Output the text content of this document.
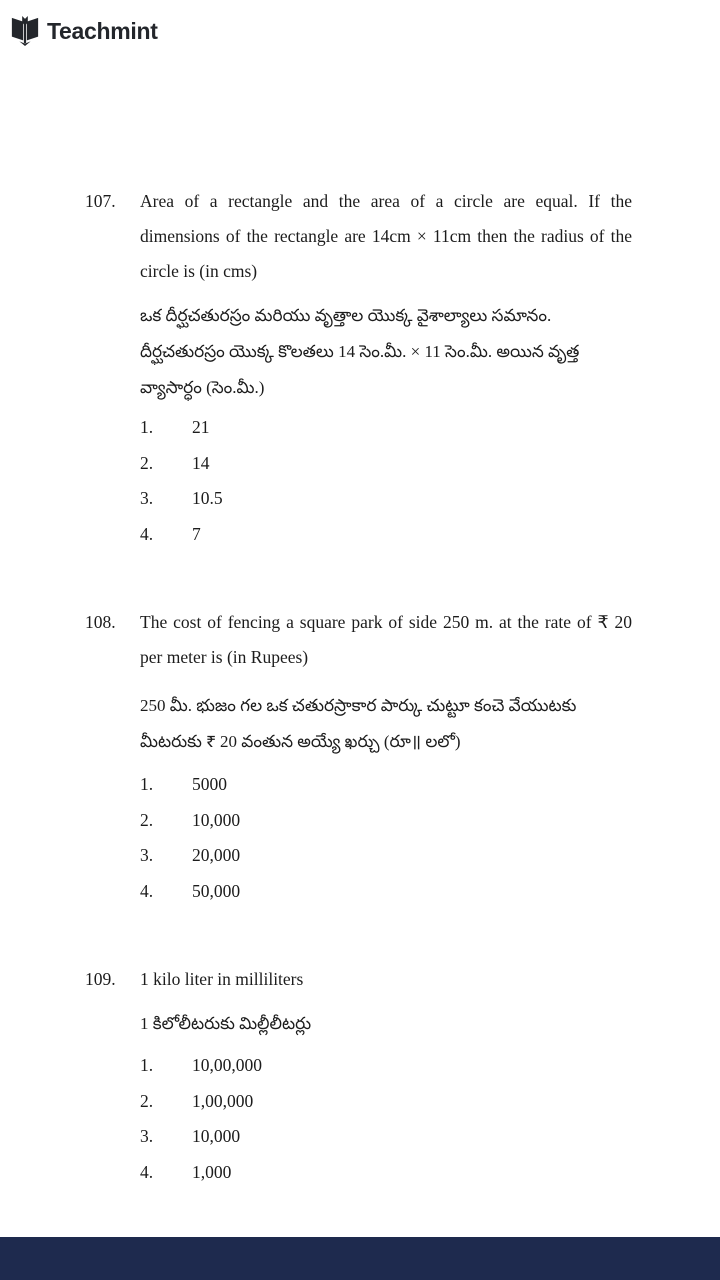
Teachmint
107.	Area of a rectangle and the area of a circle are equal. If the dimensions of the rectangle are 14cm × 11cm then the radius of the circle is (in cms)
ఒక దీర్ఘచతురస్రం మరియు వృత్తాల యొక్క వైశాల్యాలు సమానం. దీర్ఘచతురస్రం యొక్క కొలతలు 14 సెం.మీ. × 11 సెం.మీ. అయిన వృత్త వ్యాసార్ధం (సెం.మీ.)
1.	21
2.	14
3.	10.5
4.	7
108.	The cost of fencing a square park of side 250 m. at the rate of ₹ 20 per meter is (in Rupees)
250 మీ. భుజం గల ఒక చతురస్రాకార పార్కు చుట్టూ కంచె వేయుటకు మీటరుకు ₹ 20 వంతున అయ్యే ఖర్చు (రూ॥ లలో)
1.	5000
2.	10,000
3.	20,000
4.	50,000
109.	1 kilo liter in milliliters
1 కిలోలీటరుకు మిల్లీలీటర్లు
1.	10,00,000
2.	1,00,000
3.	10,000
4.	1,000
